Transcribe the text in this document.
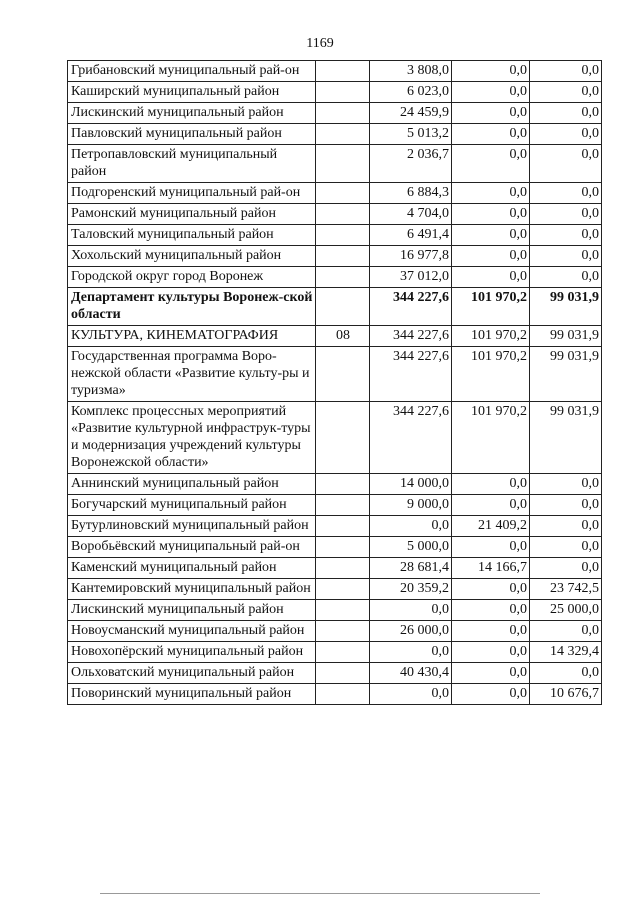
1169
Грибановский муниципальный рай-он		3 808,0	0,0	0,0
Каширский муниципальный район		6 023,0	0,0	0,0
Лискинский муниципальный район		24 459,9	0,0	0,0
Павловский муниципальный район		5 013,2	0,0	0,0
Петропавловский муниципальный район		2 036,7	0,0	0,0
Подгоренский муниципальный рай-он		6 884,3	0,0	0,0
Рамонский муниципальный район		4 704,0	0,0	0,0
Таловский муниципальный район		6 491,4	0,0	0,0
Хохольский муниципальный район		16 977,8	0,0	0,0
Городской округ город Воронеж		37 012,0	0,0	0,0
Департамент культуры Воронеж-ской области		344 227,6	101 970,2	99 031,9
КУЛЬТУРА, КИНЕМАТОГРАФИЯ	08	344 227,6	101 970,2	99 031,9
Государственная программа Воро-нежской области «Развитие культу-ры и туризма»		344 227,6	101 970,2	99 031,9
Комплекс процессных мероприятий «Развитие культурной инфраструк-туры и модернизация учреждений культуры Воронежской области»		344 227,6	101 970,2	99 031,9
Аннинский муниципальный район		14 000,0	0,0	0,0
Богучарский муниципальный район		9 000,0	0,0	0,0
Бутурлиновский муниципальный район		0,0	21 409,2	0,0
Воробьёвский муниципальный рай-он		5 000,0	0,0	0,0
Каменский муниципальный район		28 681,4	14 166,7	0,0
Кантемировский муниципальный район		20 359,2	0,0	23 742,5
Лискинский муниципальный район		0,0	0,0	25 000,0
Новоусманский муниципальный район		26 000,0	0,0	0,0
Новохопёрский муниципальный район		0,0	0,0	14 329,4
Ольховатский муниципальный район		40 430,4	0,0	0,0
Поворинский муниципальный район		0,0	0,0	10 676,7
